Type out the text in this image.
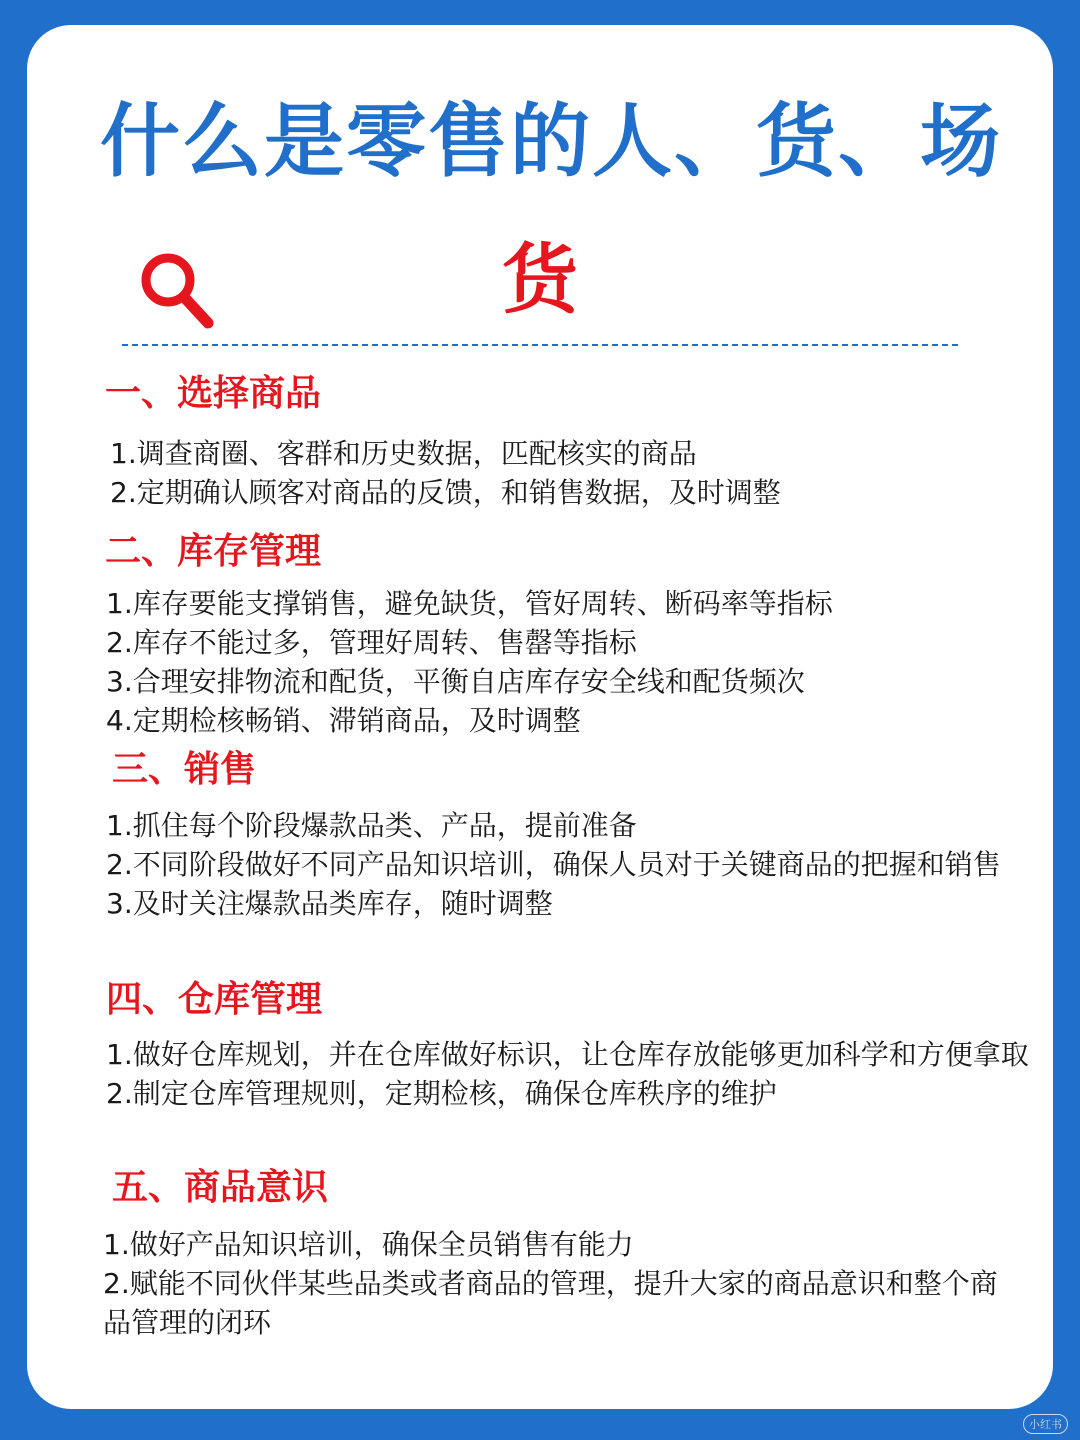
什么是零售的人、货、场
货
一、选择商品
1.调查商圈、客群和历史数据，匹配核实的商品
2.定期确认顾客对商品的反馈，和销售数据，及时调整
二、库存管理
1.库存要能支撑销售，避免缺货，管好周转、断码率等指标
2.库存不能过多，管理好周转、售罄等指标
3.合理安排物流和配货，平衡自店库存安全线和配货频次
4.定期检核畅销、滞销商品，及时调整
三、销售
1.抓住每个阶段爆款品类、产品，提前准备
2.不同阶段做好不同产品知识培训，确保人员对于关键商品的把握和销售
3.及时关注爆款品类库存，随时调整
四、仓库管理
1.做好仓库规划，并在仓库做好标识，让仓库存放能够更加科学和方便拿取
2.制定仓库管理规则，定期检核，确保仓库秩序的维护
五、商品意识
1.做好产品知识培训，确保全员销售有能力
2.赋能不同伙伴某些品类或者商品的管理，提升大家的商品意识和整个商品管理的闭环
小红书
